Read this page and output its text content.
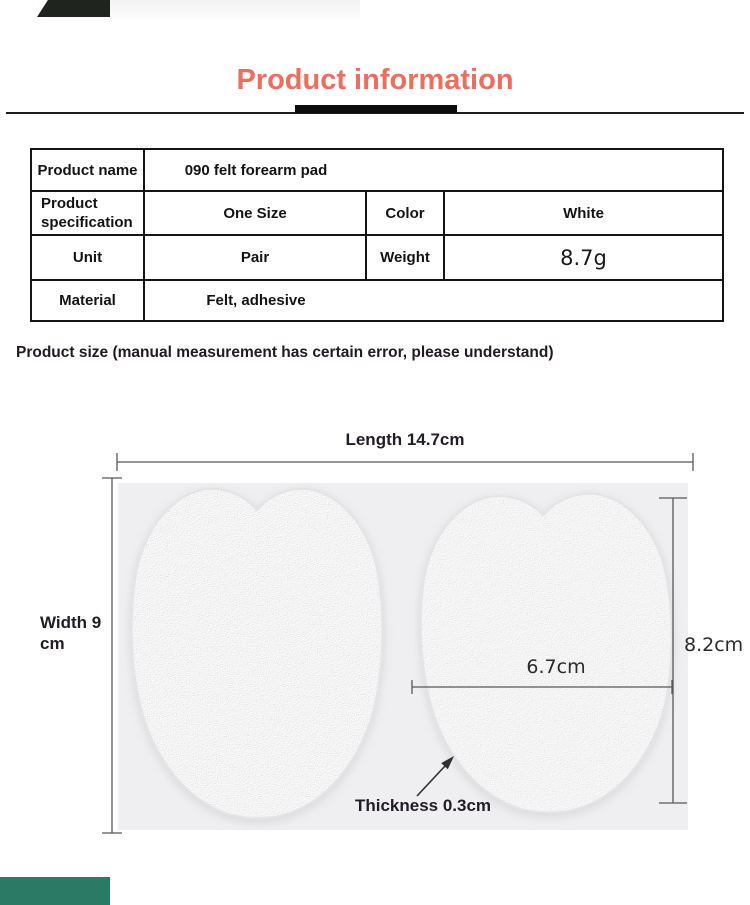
Product information
Product name	090 felt forearm pad		
Product specification	One Size	Color	White
Unit	Pair	Weight	8.7g
Material	Felt, adhesive		
Product size (manual measurement has certain error, please understand)
Length 14.7cm
Width 9 cm	8.2cm
6.7cm
Thickness 0.3cm
